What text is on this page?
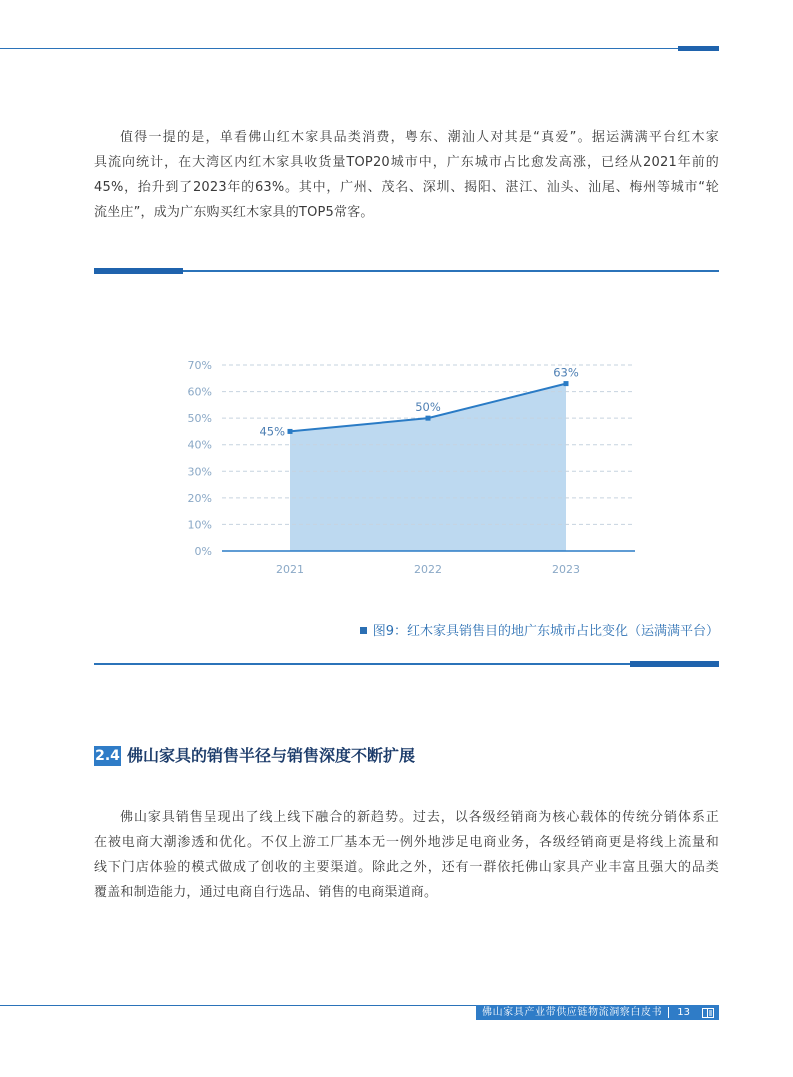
值得一提的是，单看佛山红木家具品类消费，粤东、潮汕人对其是“真爱”。据运满满平台红木家
具流向统计，在大湾区内红木家具收货量TOP20城市中，广东城市占比愈发高涨，已经从2021年前的
45%，抬升到了2023年的63%。其中，广州、茂名、深圳、揭阳、湛江、汕头、汕尾、梅州等城市“轮
流坐庄”，成为广东购买红木家具的TOP5常客。
0%
10%
20%
30%
40%
50%
60%
70%
45%
50%
63%
2021	2022	2023
图9：红木家具销售目的地广东城市占比变化（运满满平台）
2.4 佛山家具的销售半径与销售深度不断扩展
佛山家具销售呈现出了线上线下融合的新趋势。过去，以各级经销商为核心载体的传统分销体系正
在被电商大潮渗透和优化。不仅上游工厂基本无一例外地涉足电商业务，各级经销商更是将线上流量和
线下门店体验的模式做成了创收的主要渠道。除此之外，还有一群依托佛山家具产业丰富且强大的品类
覆盖和制造能力，通过电商自行选品、销售的电商渠道商。
佛山家具产业带供应链物流洞察白皮书 13
